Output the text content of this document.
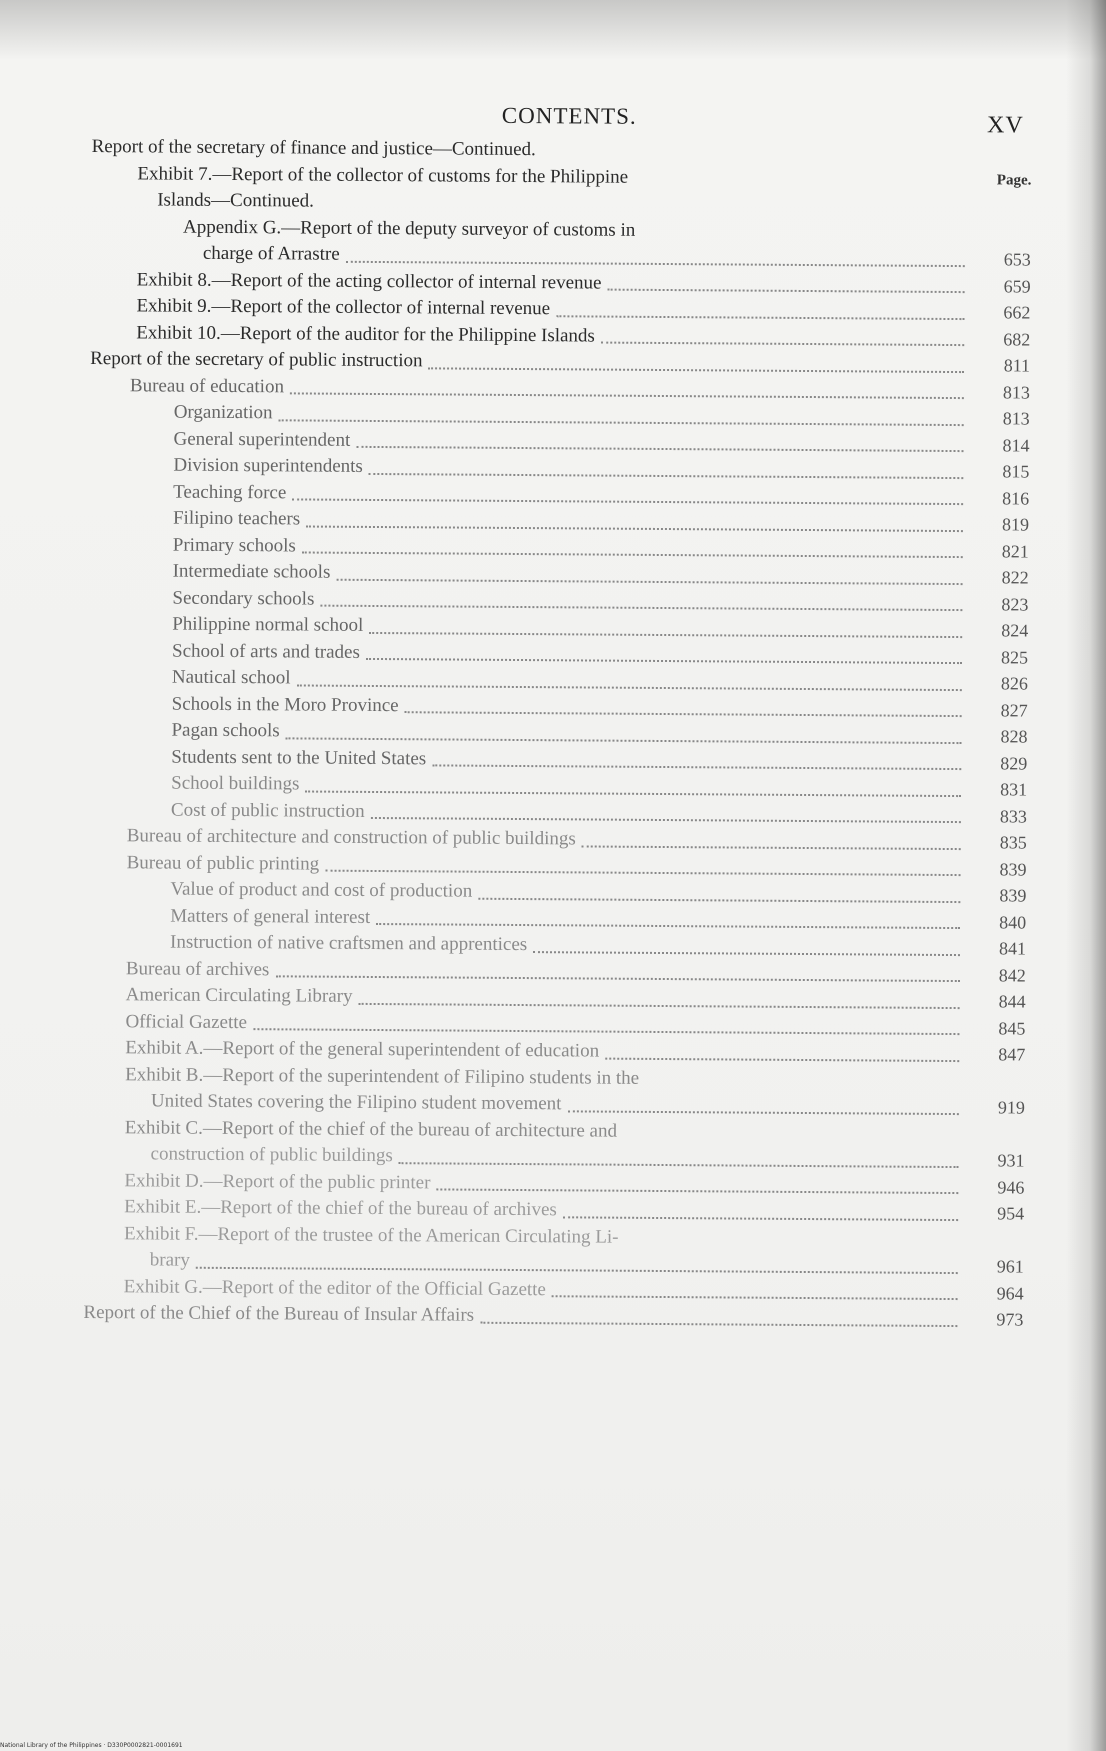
CONTENTS.	XV
Report of the secretary of finance and justice—Continued.
Exhibit 7.—Report of the collector of customs for the Philippine	Page.
Islands—Continued.
Appendix G.—Report of the deputy surveyor of customs in
charge of Arrastre	653
Exhibit 8.—Report of the acting collector of internal revenue	659
Exhibit 9.—Report of the collector of internal revenue	662
Exhibit 10.—Report of the auditor for the Philippine Islands	682
Report of the secretary of public instruction	811
Bureau of education	813
Organization	813
General superintendent	814
Division superintendents	815
Teaching force	816
Filipino teachers	819
Primary schools	821
Intermediate schools	822
Secondary schools	823
Philippine normal school	824
School of arts and trades	825
Nautical school	826
Schools in the Moro Province	827
Pagan schools	828
Students sent to the United States	829
School buildings	831
Cost of public instruction	833
Bureau of architecture and construction of public buildings	835
Bureau of public printing	839
Value of product and cost of production	839
Matters of general interest	840
Instruction of native craftsmen and apprentices	841
Bureau of archives	842
American Circulating Library	844
Official Gazette	845
Exhibit A.—Report of the general superintendent of education	847
Exhibit B.—Report of the superintendent of Filipino students in the
United States covering the Filipino student movement	919
Exhibit C.—Report of the chief of the bureau of architecture and
construction of public buildings	931
Exhibit D.—Report of the public printer	946
Exhibit E.—Report of the chief of the bureau of archives	954
Exhibit F.—Report of the trustee of the American Circulating Li-
brary	961
Exhibit G.—Report of the editor of the Official Gazette	964
Report of the Chief of the Bureau of Insular Affairs	973
National Library of the Philippines · D330P0002821-0001691
